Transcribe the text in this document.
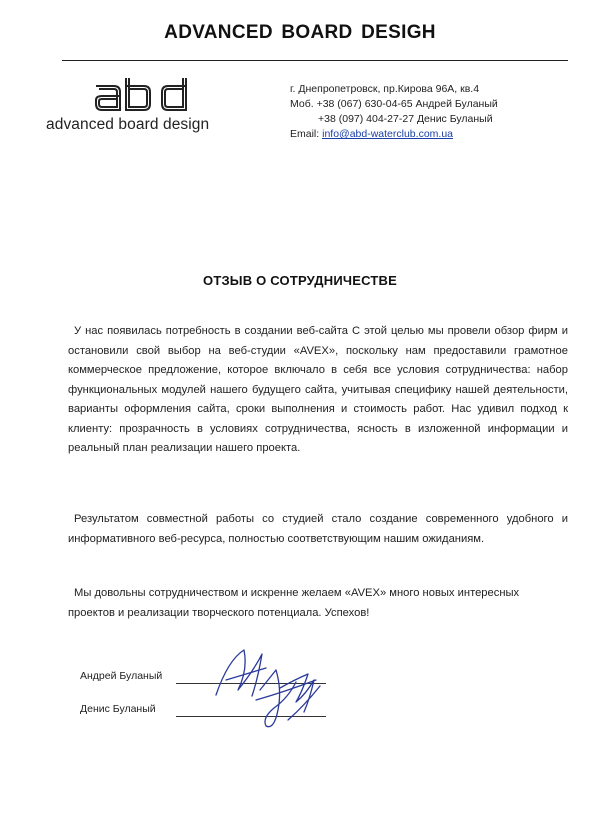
ADVANCED BOARD DESIGH
advanced board design
г. Днепропетровск, пр.Кирова 96А, кв.4
Моб. +38 (067) 630-04-65 Андрей Буланый
+38 (097) 404-27-27 Денис Буланый
Email: info@abd-waterclub.com.ua
ОТЗЫВ О СОТРУДНИЧЕСТВЕ
У нас появилась потребность в создании веб-сайта С этой целью мы провели обзор фирм и остановили свой выбор на веб-студии «AVEX», поскольку нам предоставили грамотное коммерческое предложение, которое включало в себя все условия сотрудничества: набор функциональных модулей нашего будущего сайта, учитывая специфику нашей деятельности, варианты оформления сайта, сроки выполнения и стоимость работ. Нас удивил подход к клиенту: прозрачность в условиях сотрудничества, ясность в изложенной информации и реальный план реализации нашего проекта.
Результатом совместной работы со студией стало создание современного удобного и информативного веб-ресурса, полностью соответствующим нашим ожиданиям.
Мы довольны сотрудничеством и искренне желаем «AVEX» много новых интересных проектов и реализации творческого потенциала. Успехов!
Андрей Буланый
Денис Буланый
